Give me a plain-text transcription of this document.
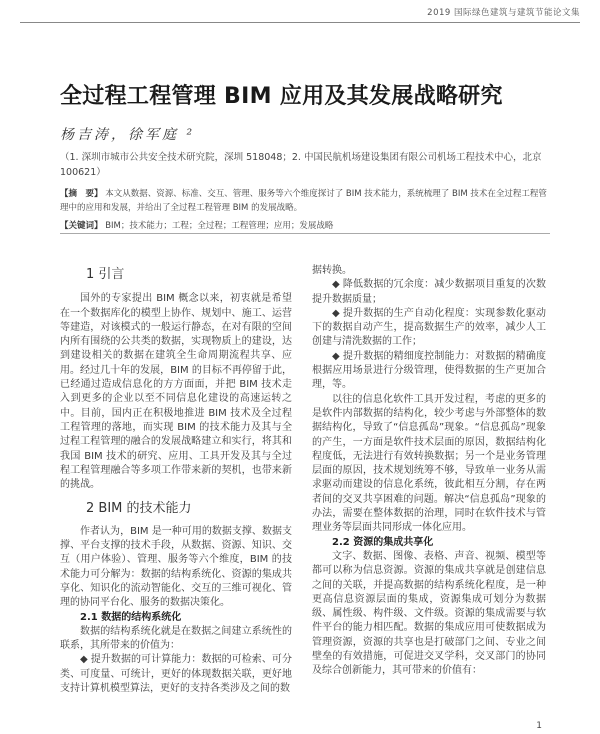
2019 国际绿色建筑与建筑节能论文集
全过程工程管理 BIM 应用及其发展战略研究
杨吉涛，徐军庭 ²
（1. 深圳市城市公共安全技术研究院，深圳 518048；2. 中国民航机场建设集团有限公司机场工程技术中心，北京 100621）
【摘　要】 本文从数据、资源、标准、交互、管理、服务等六个维度探讨了 BIM 技术能力，系统梳理了 BIM 技术在全过程工程管理中的应用和发展，并给出了全过程工程管理 BIM 的发展战略。
【关键词】 BIM；技术能力；工程；全过程；工程管理；应用；发展战略

1 引言

国外的专家提出 BIM 概念以来，初衷就是希望在一个数据库化的模型上协作、规划中、施工、运营等建造，对该模式的一般运行静态，在对有限的空间内所有围绕的公共类的数据，实现物质上的建设，达到建设相关的数据在建筑全生命周期流程共享、应用。经过几十年的发展，BIM 的目标不再停留于此，已经通过造成信息化的方方面面，并把 BIM 技术走入到更多的企业以至不同信息化建设的高速运转之中。目前，国内正在积极地推进 BIM 技术及全过程工程管理的落地，而实现 BIM 的技术能力及其与全过程工程管理的融合的发展战略建立和实行，将其和我国 BIM 技术的研究、应用、工具开发及其与全过程工程管理融合等多项工作带来新的契机，也带来新的挑战。

2 BIM 的技术能力

作者认为，BIM 是一种可用的数据支撑、数据支撑、平台支撑的技术手段，从数据、资源、知识、交互（用户体验）、管理、服务等六个维度，BIM 的技术能力可分解为：数据的结构系统化、资源的集成共享化、知识化的流动智能化、交互的三维可视化、管理的协同平台化、服务的数据决策化。

2.1 数据的结构系统化

数据的结构系统化就是在数据之间建立系统性的联系，其所带来的价值为：

◆ 提升数据的可计算能力：数据的可检索、可分类、可度量、可统计，更好的体现数据关联，更好地支持计算机模型算法，更好的支持各类涉及之间的数

据转换。

◆ 降低数据的冗余度：减少数据项目重复的次数提升数据质量；

◆ 提升数据的生产自动化程度：实现参数化驱动下的数据自动产生，提高数据生产的效率，减少人工创建与清洗数据的工作；

◆ 提升数据的精细度控制能力：对数据的精确度根据应用场景进行分级管理，使得数据的生产更加合理，等。

以往的信息化软件工具开发过程，考虑的更多的是软件内部数据的结构化，较少考虑与外部整体的数据结构化，导致了“信息孤岛”现象。“信息孤岛”现象的产生，一方面是软件技术层面的原因，数据结构化程度低，无法进行有效转换数据；另一个是业务管理层面的原因，技术规划统筹不够，导致单一业务从需求驱动而建设的信息化系统，彼此相互分割，存在两者间的交叉共享困难的问题。解决“信息孤岛”现象的办法，需要在整体数据的治理，同时在软件技术与管理业务等层面共同形成一体化应用。

2.2 资源的集成共享化

文字、数据、图像、表格、声音、视频、模型等都可以称为信息资源。资源的集成共享就是创建信息之间的关联，并提高数据的结构系统化程度，是一种更高信息资源层面的集成，资源集成可划分为数据级、属性级、构件级、文件级。资源的集成需要与软件平台的能力相匹配。数据的集成应用可使数据成为管理资源，资源的共享也是打破部门之间、专业之间壁垒的有效措施，可促进交叉学科，交叉部门的协同及综合创新能力，其可带来的价值有：

1
